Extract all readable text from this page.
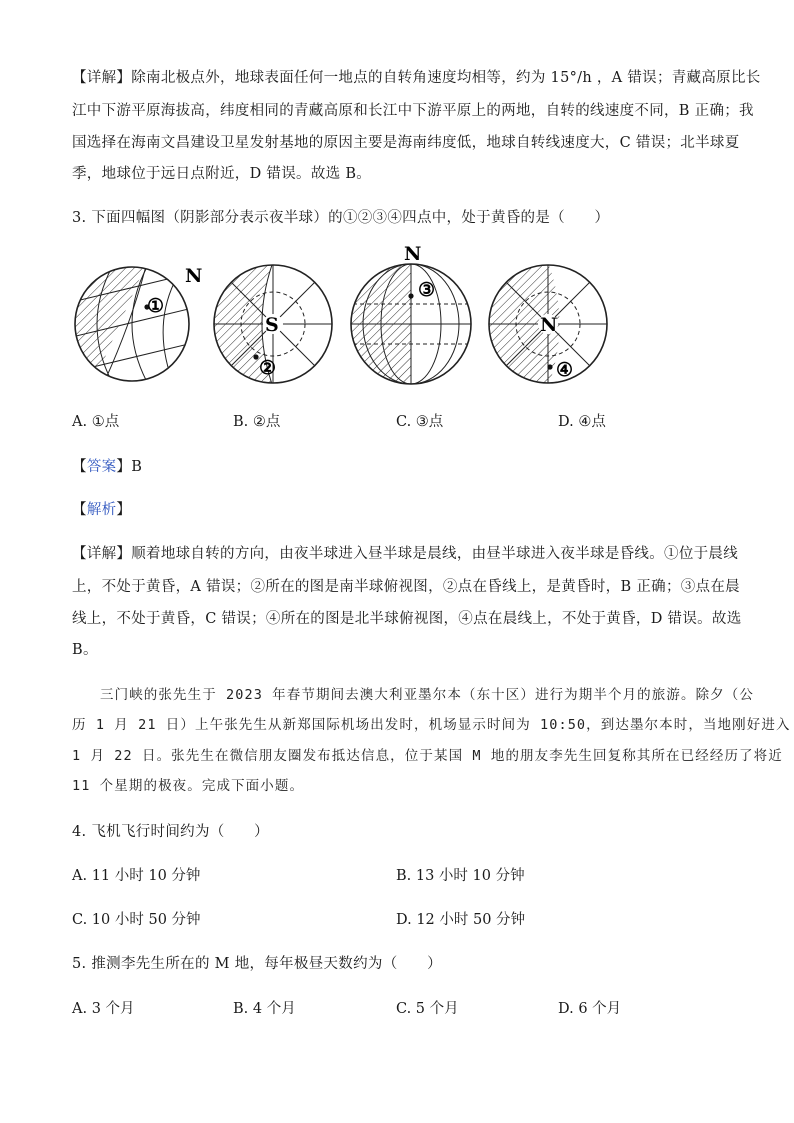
【详解】除南北极点外，地球表面任何一地点的自转角速度均相等，约为 15°/h ，A 错误；青藏高原比长
江中下游平原海拔高，纬度相同的青藏高原和长江中下游平原上的两地，自转的线速度不同，B 正确；我
国选择在海南文昌建设卫星发射基地的原因主要是海南纬度低，地球自转线速度大，C 错误；北半球夏
季，地球位于远日点附近，D 错误。故选 B。
3. 下面四幅图（阴影部分表示夜半球）的①②③④四点中，处于黄昏的是（　　）
①
N
S
②
N
③
N
④
A. ①点	B. ②点	C. ③点	D. ④点
【答案】B
【解析】
【详解】顺着地球自转的方向，由夜半球进入昼半球是晨线，由昼半球进入夜半球是昏线。①位于晨线
上，不处于黄昏，A 错误；②所在的图是南半球俯视图，②点在昏线上，是黄昏时，B 正确；③点在晨
线上，不处于黄昏，C 错误；④所在的图是北半球俯视图，④点在晨线上，不处于黄昏，D 错误。故选
B。
三门峡的张先生于 2023 年春节期间去澳大利亚墨尔本（东十区）进行为期半个月的旅游。除夕（公
历 1 月 21 日）上午张先生从新郑国际机场出发时，机场显示时间为 10:50，到达墨尔本时，当地刚好进入
1 月 22 日。张先生在微信朋友圈发布抵达信息，位于某国 M 地的朋友李先生回复称其所在已经经历了将近
11 个星期的极夜。完成下面小题。
4. 飞机飞行时间约为（　　）
A. 11 小时 10 分钟	B. 13 小时 10 分钟
C. 10 小时 50 分钟	D. 12 小时 50 分钟
5. 推测李先生所在的 M 地，每年极昼天数约为（　　）
A. 3 个月	B. 4 个月	C. 5 个月	D. 6 个月
